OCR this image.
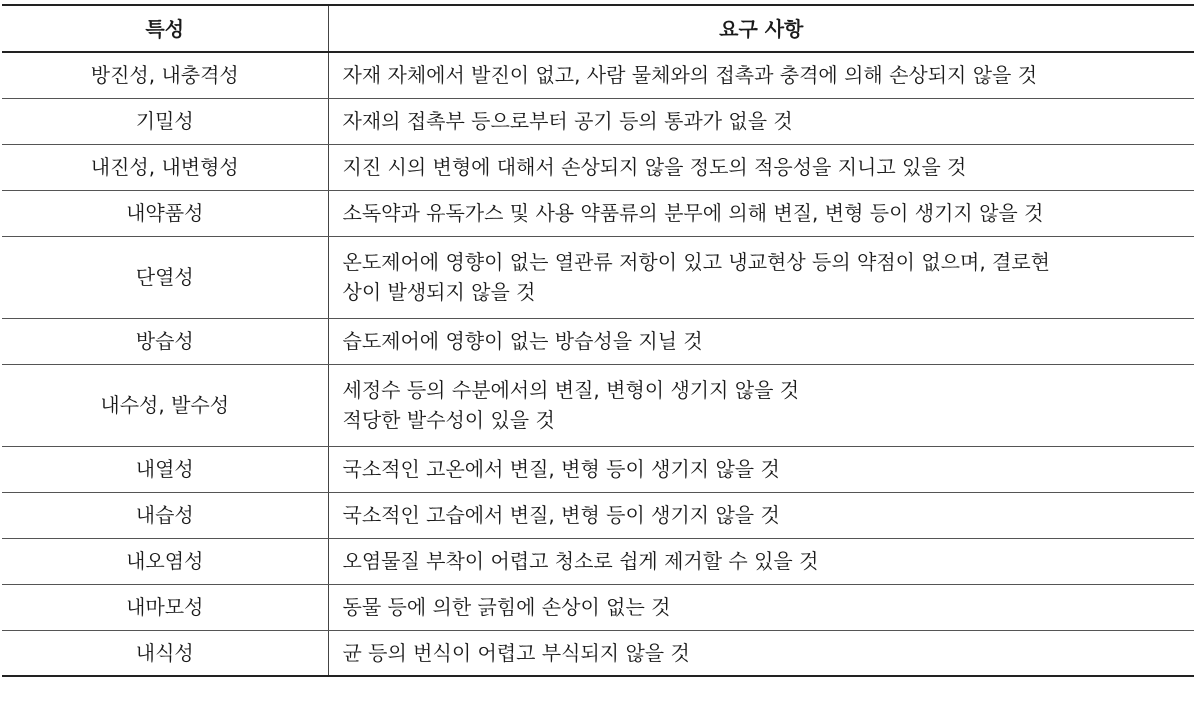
특성	요구 사항
방진성, 내충격성	자재 자체에서 발진이 없고, 사람 물체와의 접촉과 충격에 의해 손상되지 않을 것

기밀성	자재의 접촉부 등으로부터 공기 등의 통과가 없을 것

내진성, 내변형성	지진 시의 변형에 대해서 손상되지 않을 정도의 적응성을 지니고 있을 것

내약품성	소독약과 유독가스 및 사용 약품류의 분무에 의해 변질, 변형 등이 생기지 않을 것

단열성	온도제어에 영향이 없는 열관류 저항이 있고 냉교현상 등의 약점이 없으며, 결로현
상이 발생되지 않을 것

방습성	습도제어에 영향이 없는 방습성을 지닐 것

내수성, 발수성	세정수 등의 수분에서의 변질, 변형이 생기지 않을 것
적당한 발수성이 있을 것

내열성	국소적인 고온에서 변질, 변형 등이 생기지 않을 것

내습성	국소적인 고습에서 변질, 변형 등이 생기지 않을 것

내오염성	오염물질 부착이 어렵고 청소로 쉽게 제거할 수 있을 것

내마모성	동물 등에 의한 긁힘에 손상이 없는 것

내식성	균 등의 번식이 어렵고 부식되지 않을 것
